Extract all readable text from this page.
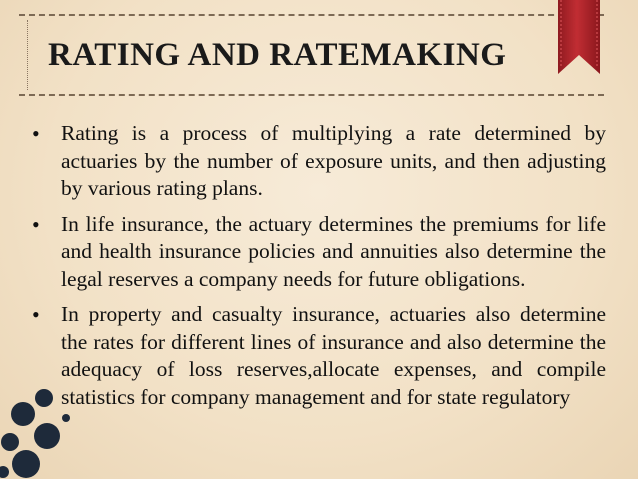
RATING AND RATEMAKING
• Rating is a process of multiplying a rate determined by actuaries by the number of exposure units, and then adjusting by various rating plans.
• In life insurance, the actuary determines the premiums for life and health insurance policies and annuities also determine the legal reserves a company needs for future obligations.
• In property and casualty insurance, actuaries also determine the rates for different lines of insurance and also determine the adequacy of loss reserves,allocate expenses, and compile statistics for company management and for state regulatory
